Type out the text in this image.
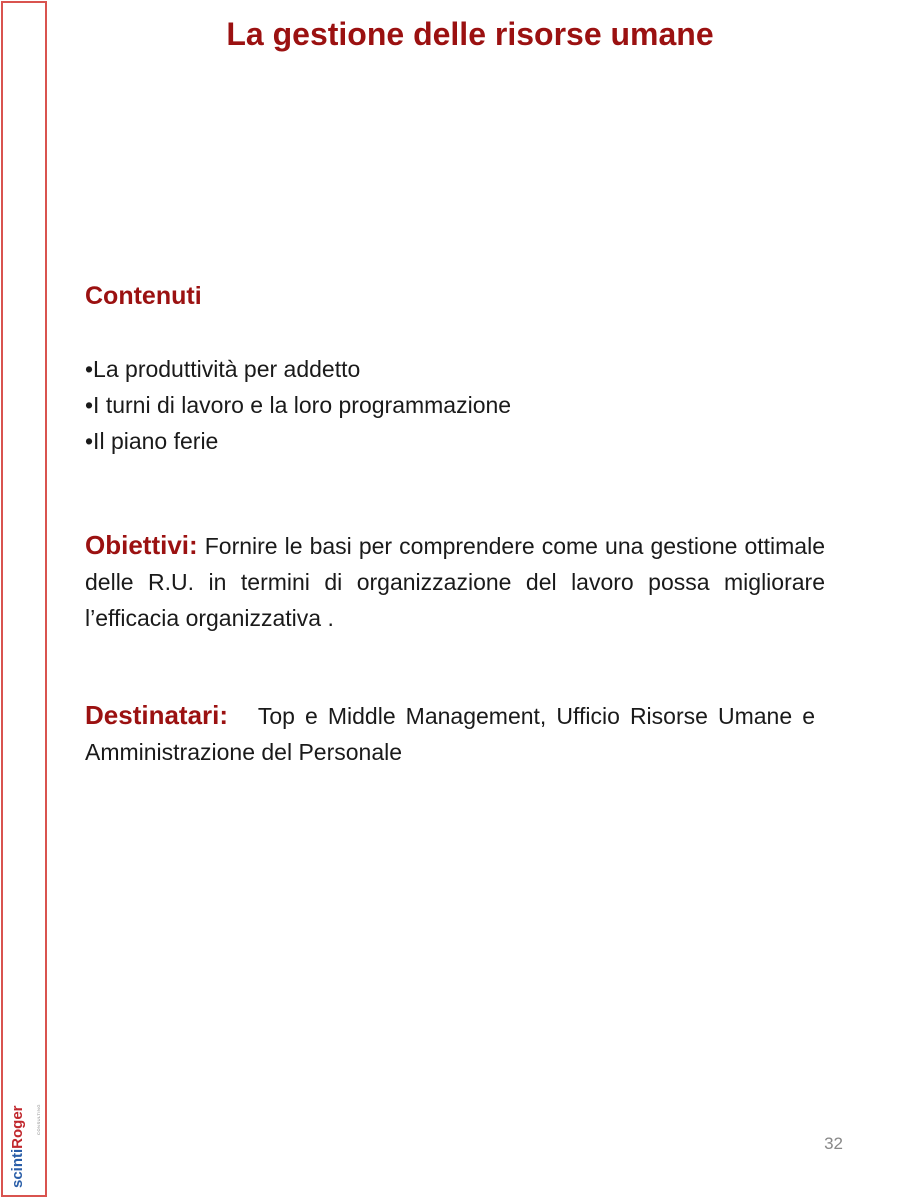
scintiRoger	CONSULTING
La gestione delle risorse umane
Contenuti
•La produttività per addetto
•I turni di lavoro e la loro programmazione
•Il piano ferie
Obiettivi: Fornire le basi per comprendere come una gestione ottimale delle R.U. in termini di organizzazione del lavoro possa migliorare l’efficacia organizzativa .
Destinatari: Top e Middle Management, Ufficio Risorse Umane e Amministrazione del Personale
32
